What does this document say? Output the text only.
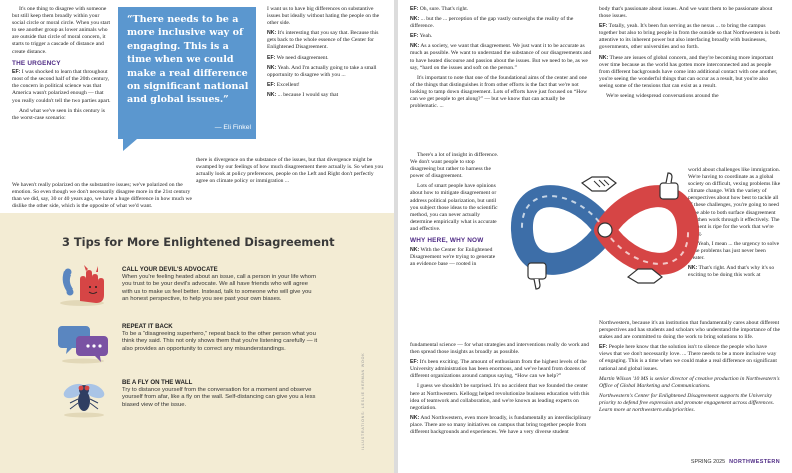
It's one thing to disagree with someone but still keep them broadly within your social circle or moral circle. When you start to see another group as lower animals who are outside that circle of moral concern, it starts to trigger a cascade of distance and create distance.

THE URGENCY

EF: I was shocked to learn that throughout most of the second half of the 20th century, the concern in political science was that America wasn't polarized enough — that you really couldn't tell the two parties apart.

And what we've seen in this century is the worst-case scenario:

We haven't really polarized on the substantive issues; we've polarized on the emotion. So even though we don't necessarily disagree more in the 21st century than we did, say, 30 or 40 years ago, we have a huge difference in how much we dislike the other side, which is the opposite of what we'd want.

“There needs to be a more inclusive way of engaging. This is a time when we could make a real difference on significant national and global issues.”
— Eli Finkel

I want us to have big differences on substantive issues but ideally without hating the people on the other side.

NK: It's interesting that you say that. Because this gets back to the whole essence of the Center for Enlightened Disagreement.

EF: We need disagreement.

NK: Yeah. And I'm actually going to take a small opportunity to disagree with you ...

EF: Excellent!

NK: ... because I would say that

there is divergence on the substance of the issues, but that divergence might be swamped by our feelings of how much disagreement there actually is. So when you actually look at policy preferences, people on the Left and Right don't perfectly agree on climate policy or immigration ...

3 Tips for More Enlightened Disagreement
CALL YOUR DEVIL'S ADVOCATE
When you're feeling heated about an issue, call a person in your life whom you trust to be your devil's advocate. We all have friends who will agree with us to make us feel better. Instead, talk to someone who will give you an honest perspective, to help you see past your own biases.
REPEAT IT BACK
To be a “disagreeing superhero,” repeat back to the other person what you think they said. This not only shows them that you're listening carefully — it also provides an opportunity to correct any misunderstandings.
BE A FLY ON THE WALL
Try to distance yourself from the conversation for a moment and observe yourself from afar, like a fly on the wall. Self-distancing can give you a less biased view of the issue.	ILLUSTRATIONS: LESLIE HERMAN WOOK

EF: Oh, sure. That's right.

NK: ... but the ... perception of the gap vastly outweighs the reality of the difference.

EF: Yeah.

NK: As a society, we want that disagreement. We just want it to be accurate as much as possible. We want to understand the substance of our disagreements and to have heated discourse and passion about the issues. But we need to be, as we say, “hard on the issues and soft on the person.”

It's important to note that one of the foundational aims of the center and one of the things that distinguishes it from other efforts is the fact that we're not looking to tamp down disagreement. Lots of efforts have just focused on “How can we get people to get along?” — but we know that can actually be problematic. ...

There's a lot of insight in difference. We don't want people to stop disagreeing but rather to harness the power of disagreement.

Lots of smart people have opinions about how to mitigate disagreement or address political polarization, but until you subject those ideas to the scientific method, you can never actually determine empirically what is accurate and effective.

WHY HERE, WHY NOW

NK: With the Center for Enlightened Disagreement we're trying to generate an evidence base — rooted in

fundamental science — for what strategies and interventions really do work and then spread those insights as broadly as possible.

EF: It's been exciting. The amount of enthusiasm from the highest levels of the University administration has been enormous, and we've heard from dozens of different organizations around campus saying, “How can we help?”

I guess we shouldn't be surprised. It's no accident that we founded the center here at Northwestern. Kellogg helped revolutionize business education with this idea of teamwork and collaboration, and we're known as leading experts on negotiation.

NK: And Northwestern, even more broadly, is fundamentally an interdisciplinary place. There are so many initiatives on campus that bring together people from different backgrounds and experiences. We have a very diverse student

body that's passionate about issues. And we want them to be passionate about those issues.

EF: Totally, yeah. It's been fun serving as the nexus ... to bring the campus together but also to bring people in from the outside so that Northwestern is both attentive to its inherent power but also interfacing broadly with businesses, governments, other universities and so forth.

NK: These are issues of global concern, and they're becoming more important over time because as the world has gotten more interconnected and as people from different backgrounds have come into additional contact with one another, you're seeing the wonderful things that can occur as a result, but you're also seeing some of the tensions that can exist as a result.

We're seeing widespread conversations around the

world about challenges like immigration. We're having to coordinate as a global society on difficult, vexing problems like climate change. With the variety of perspectives about how best to tackle all of these challenges, you're going to need to be able to both surface disagreement and then work through it effectively. The moment is ripe for the work that we're doing.

EF: Yeah, I mean ... the urgency to solve these problems has just never been greater.

NK: That's right. And that's why it's so exciting to be doing this work at

Northwestern, because it's an institution that fundamentally cares about different perspectives and has students and scholars who understand the importance of the stakes and are committed to doing the work to bring solutions to life.

EF: People here know that the solution isn't to silence the people who have views that we don't necessarily love. ... There needs to be a more inclusive way of engaging. This is a time when we could make a real difference on significant national and global issues.

Martin Wilson '10 MS is senior director of creative production in Northwestern's Office of Global Marketing and Communications.

Northwestern's Center for Enlightened Disagreement supports the University priority to defend free expression and promote engagement across differences. Learn more at northwestern.edu/priorities.

SPRING 2025 NORTHWESTERN
